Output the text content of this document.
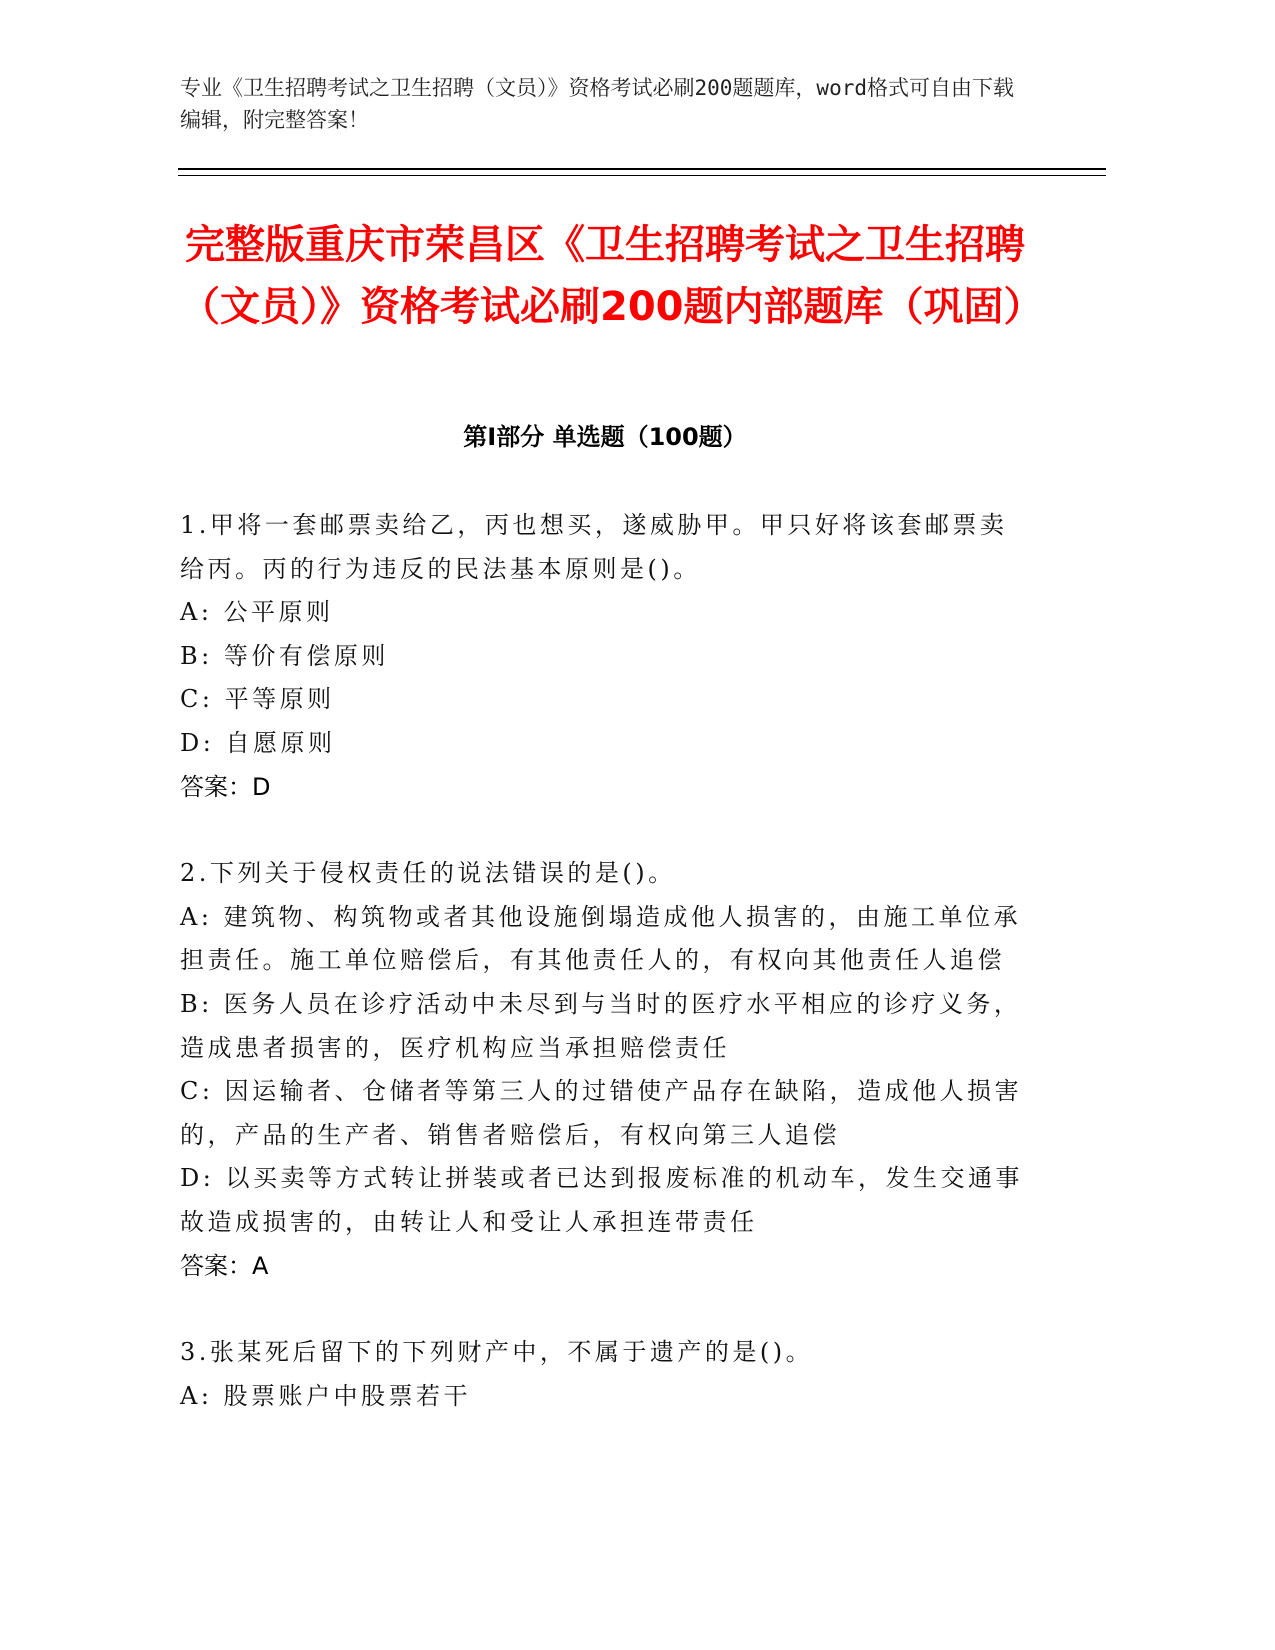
专业《卫生招聘考试之卫生招聘（文员）》资格考试必刷200题题库，word格式可自由下载编辑，附完整答案！
完整版重庆市荣昌区《卫生招聘考试之卫生招聘（文员）》资格考试必刷200题内部题库（巩固）
第Ⅰ部分 单选题（100题）

1.甲将一套邮票卖给乙，丙也想买，遂威胁甲。甲只好将该套邮票卖给丙。丙的行为违反的民法基本原则是()。

A: 公平原则

B: 等价有偿原则

C: 平等原则

D: 自愿原则

答案：D

2.下列关于侵权责任的说法错误的是()。

A: 建筑物、构筑物或者其他设施倒塌造成他人损害的，由施工单位承担责任。施工单位赔偿后，有其他责任人的，有权向其他责任人追偿

B: 医务人员在诊疗活动中未尽到与当时的医疗水平相应的诊疗义务，造成患者损害的，医疗机构应当承担赔偿责任

C: 因运输者、仓储者等第三人的过错使产品存在缺陷，造成他人损害的，产品的生产者、销售者赔偿后，有权向第三人追偿

D: 以买卖等方式转让拼装或者已达到报废标准的机动车，发生交通事故造成损害的，由转让人和受让人承担连带责任

答案：A

3.张某死后留下的下列财产中，不属于遗产的是()。

A: 股票账户中股票若干
